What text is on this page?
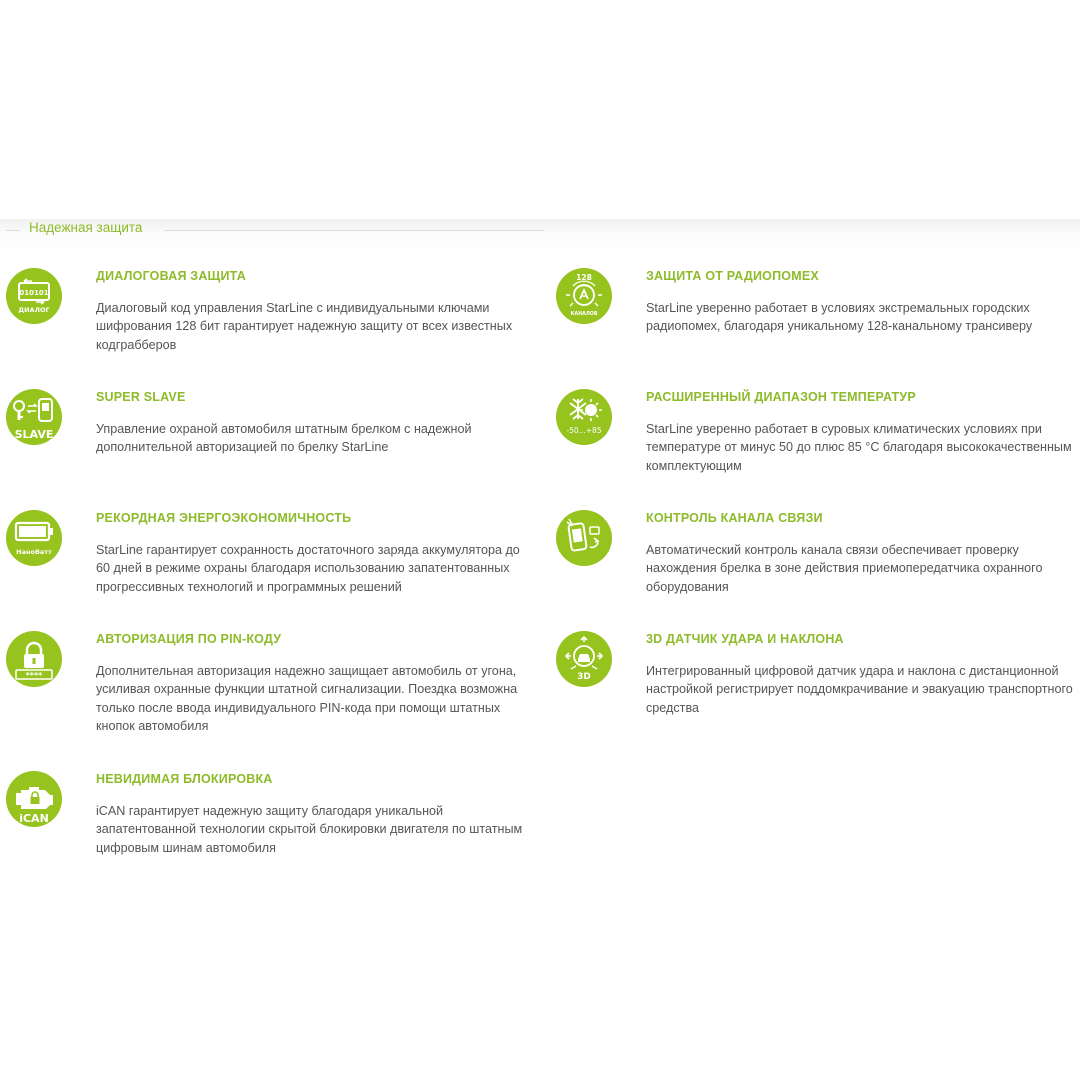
Надежная защита
010101
ДИАЛОГ
ДИАЛОГОВАЯ ЗАЩИТА
Диалоговый код управления StarLine с индивидуальными ключами шифрования 128 бит гарантирует надежную защиту от всех известных кодграбберов
SLAVE
SUPER SLAVE
Управление охраной автомобиля штатным брелком с надежной дополнительной авторизацией по брелку StarLine
НаноВатт
РЕКОРДНАЯ ЭНЕРГОЭКОНОМИЧНОСТЬ
StarLine гарантирует сохранность достаточного заряда аккумулятора до 60 дней в режиме охраны благодаря использованию запатентованных прогрессивных технологий и программных решений
****
АВТОРИЗАЦИЯ ПО PIN-КОДУ
Дополнительная авторизация надежно защищает автомобиль от угона, усиливая охранные функции штатной сигнализации. Поездка возможна только после ввода индивидуального PIN-кода при помощи штатных кнопок автомобиля
iCAN
НЕВИДИМАЯ БЛОКИРОВКА
iCAN гарантирует надежную защиту благодаря уникальной запатентованной технологии скрытой блокировки двигателя по штатным цифровым шинам автомобиля
128
КАНАЛОВ
ЗАЩИТА ОТ РАДИОПОМЕХ
StarLine уверенно работает в условиях экстремальных городских радиопомех, благодаря уникальному 128-канальному трансиверу
-50...+85
РАСШИРЕННЫЙ ДИАПАЗОН ТЕМПЕРАТУР
StarLine уверенно работает в суровых климатических условиях при температуре от минус 50 до плюс 85 °С благодаря высококачественным комплектующим
КОНТРОЛЬ КАНАЛА СВЯЗИ
Автоматический контроль канала связи обеспечивает проверку нахождения брелка в зоне действия приемопередатчика охранного оборудования
3D
3D ДАТЧИК УДАРА И НАКЛОНА
Интегрированный цифровой датчик удара и наклона с дистанционной настройкой регистрирует поддомкрачивание и эвакуацию транспортного средства
